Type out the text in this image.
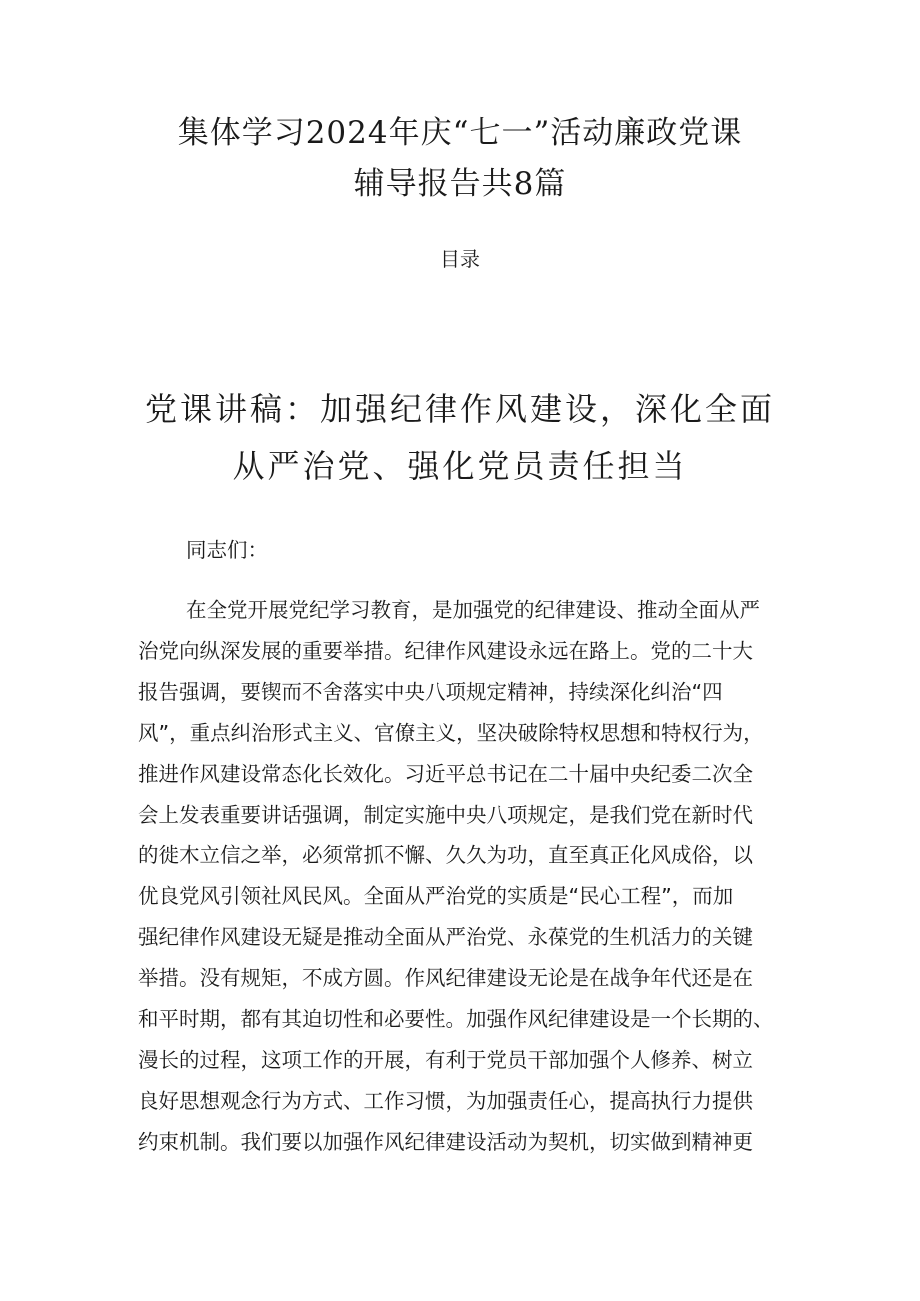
集体学习2024年庆“七一”活动廉政党课
辅导报告共8篇
目录
党课讲稿：加强纪律作风建设，深化全面
从严治党、强化党员责任担当
同志们：

在全党开展党纪学习教育，是加强党的纪律建设、推动全面从严
治党向纵深发展的重要举措。纪律作风建设永远在路上。党的二十大
报告强调，要锲而不舍落实中央八项规定精神，持续深化纠治“四
风”，重点纠治形式主义、官僚主义，坚决破除特权思想和特权行为，
推进作风建设常态化长效化。习近平总书记在二十届中央纪委二次全
会上发表重要讲话强调，制定实施中央八项规定，是我们党在新时代
的徙木立信之举，必须常抓不懈、久久为功，直至真正化风成俗，以
优良党风引领社风民风。全面从严治党的实质是“民心工程”，而加
强纪律作风建设无疑是推动全面从严治党、永葆党的生机活力的关键
举措。没有规矩，不成方圆。作风纪律建设无论是在战争年代还是在
和平时期，都有其迫切性和必要性。加强作风纪律建设是一个长期的、
漫长的过程，这项工作的开展，有利于党员干部加强个人修养、树立
良好思想观念行为方式、工作习惯，为加强责任心，提高执行力提供
约束机制。我们要以加强作风纪律建设活动为契机，切实做到精神更
